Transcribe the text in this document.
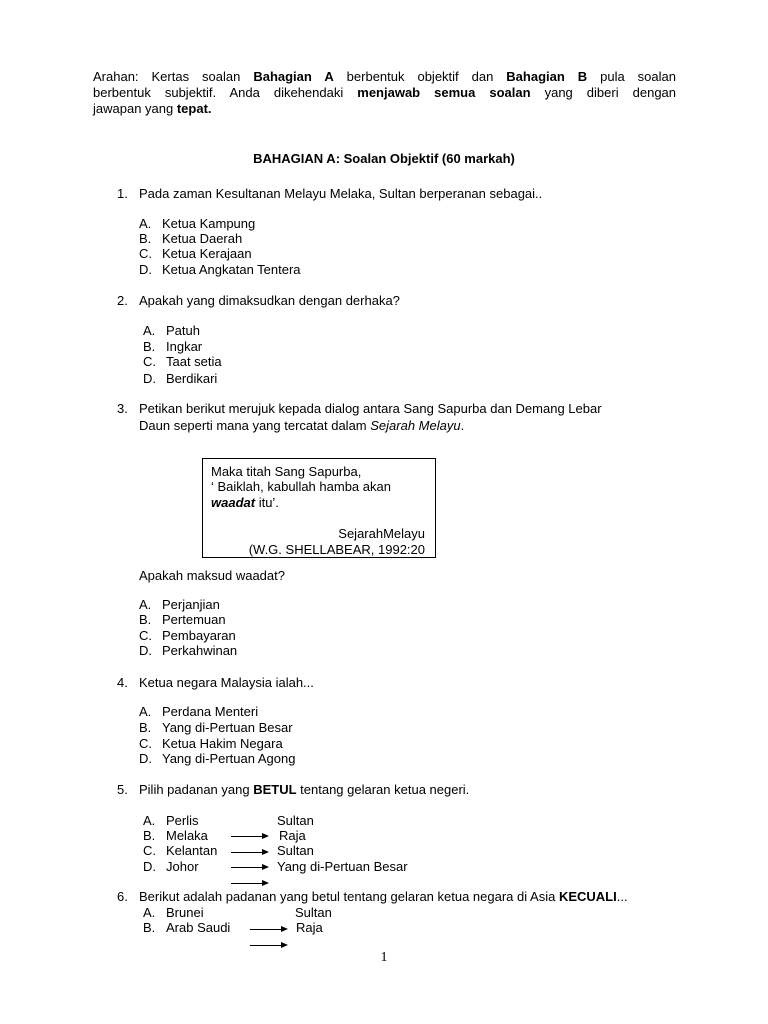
Arahan: Kertas soalan Bahagian A berbentuk objektif dan Bahagian B pula soalan
berbentuk subjektif. Anda dikehendaki menjawab semua soalan yang diberi dengan
jawapan yang tepat.
BAHAGIAN A: Soalan Objektif (60 markah)
1. Pada zaman Kesultanan Melayu Melaka, Sultan berperanan sebagai..
A. Ketua Kampung
B. Ketua Daerah
C. Ketua Kerajaan
D. Ketua Angkatan Tentera
2. Apakah yang dimaksudkan dengan derhaka?
A. Patuh
B. Ingkar
C. Taat setia
D. Berdikari
3. Petikan berikut merujuk kepada dialog antara Sang Sapurba dan Demang Lebar
Daun seperti mana yang tercatat dalam Sejarah Melayu.
Maka titah Sang Sapurba,
‘ Baiklah, kabullah hamba akan
waadat itu’.
SejarahMelayu
(W.G. SHELLABEAR, 1992:20
Apakah maksud waadat?
A. Perjanjian
B. Pertemuan
C. Pembayaran
D. Perkahwinan
4. Ketua negara Malaysia ialah...
A. Perdana Menteri
B. Yang di-Pertuan Besar
C. Ketua Hakim Negara
D. Yang di-Pertuan Agong
5. Pilih padanan yang BETUL tentang gelaran ketua negeri.
A. Perlis	Sultan
B. Melaka	Raja
C. Kelantan	Sultan
D. Johor	Yang di-Pertuan Besar
6. Berikut adalah padanan yang betul tentang gelaran ketua negara di Asia KECUALI...
A. Brunei	Sultan
B. Arab Saudi	Raja
1
